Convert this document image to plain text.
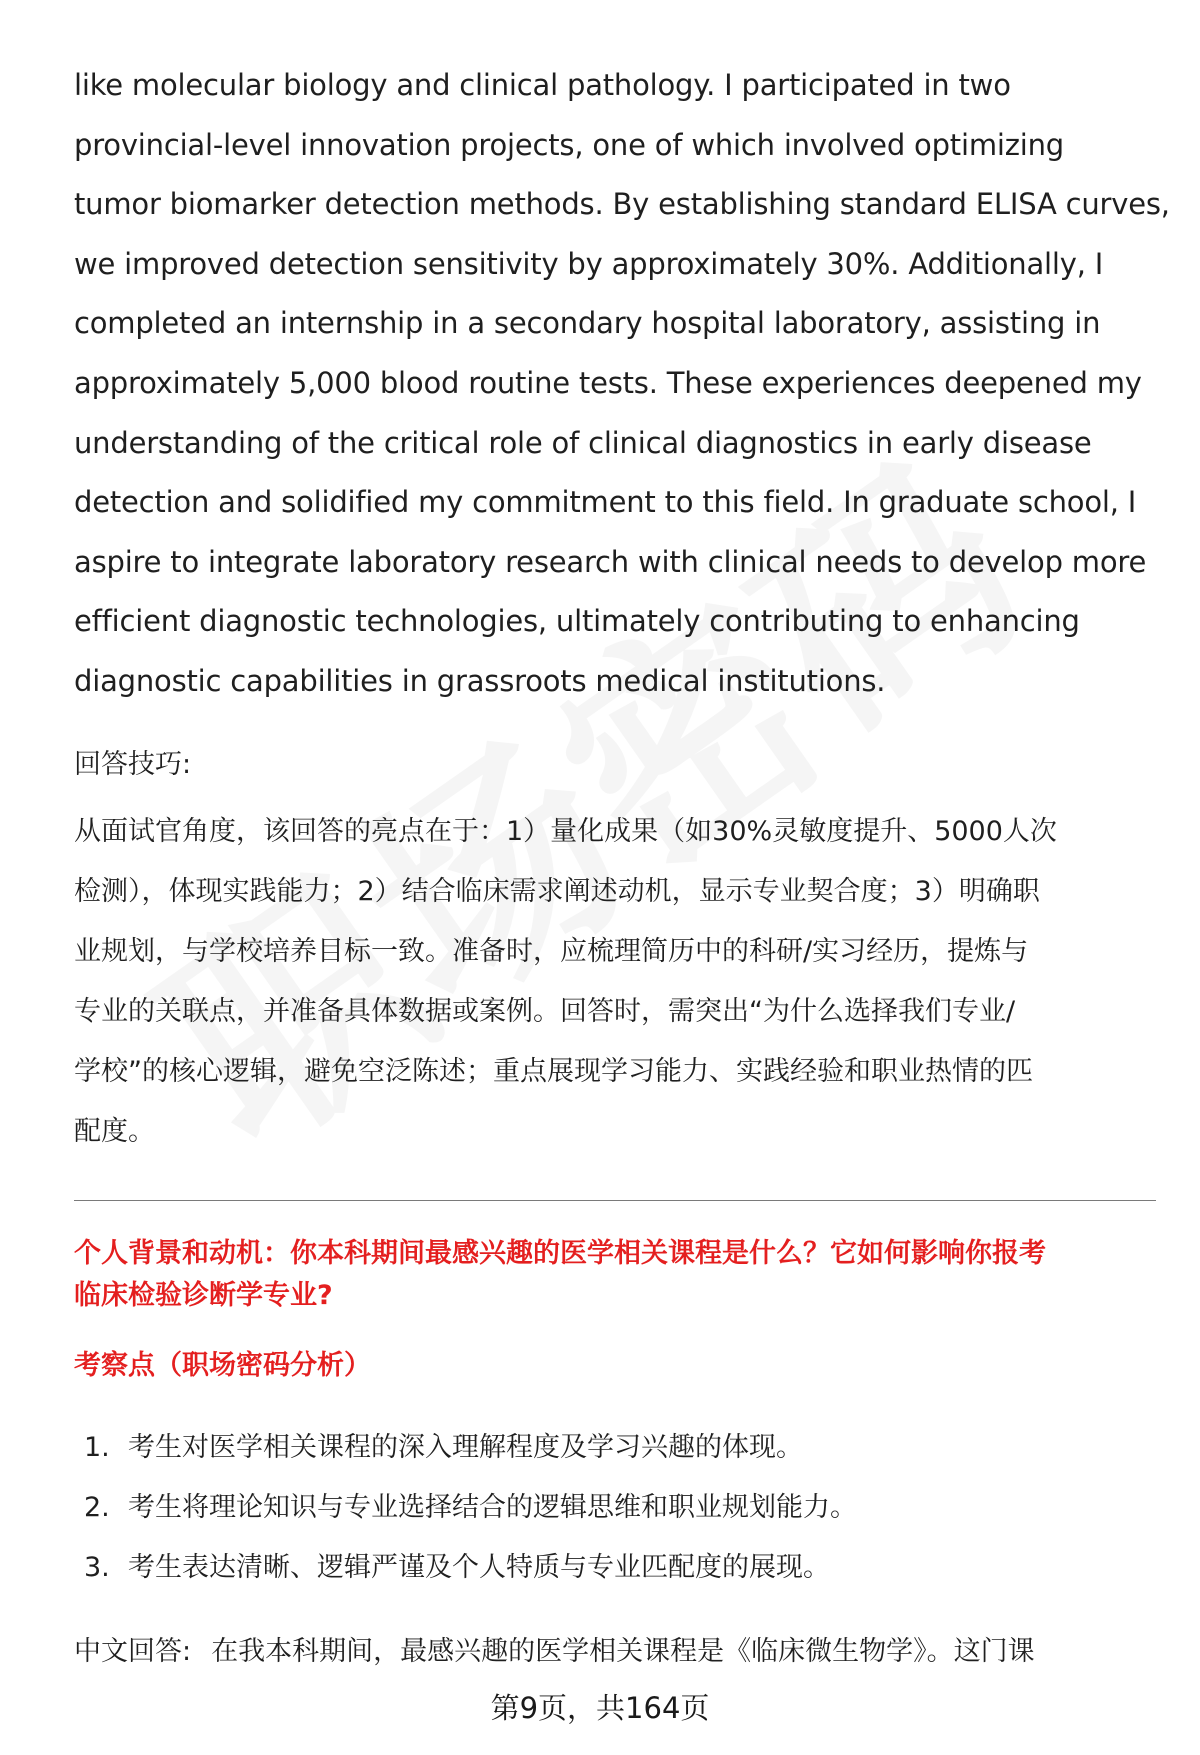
like molecular biology and clinical pathology. I participated in two
provincial-level innovation projects, one of which involved optimizing
tumor biomarker detection methods. By establishing standard ELISA curves,
we improved detection sensitivity by approximately 30%. Additionally, I
completed an internship in a secondary hospital laboratory, assisting in
approximately 5,000 blood routine tests. These experiences deepened my
understanding of the critical role of clinical diagnostics in early disease
detection and solidified my commitment to this field. In graduate school, I
aspire to integrate laboratory research with clinical needs to develop more
efficient diagnostic technologies, ultimately contributing to enhancing
diagnostic capabilities in grassroots medical institutions.
回答技巧:
从面试官角度，该回答的亮点在于：1）量化成果（如30%灵敏度提升、5000人次
检测），体现实践能力；2）结合临床需求阐述动机，显示专业契合度；3）明确职
业规划，与学校培养目标一致。准备时，应梳理简历中的科研/实习经历，提炼与
专业的关联点，并准备具体数据或案例。回答时，需突出“为什么选择我们专业/
学校”的核心逻辑，避免空泛陈述；重点展现学习能力、实践经验和职业热情的匹
配度。
个人背景和动机：你本科期间最感兴趣的医学相关课程是什么？它如何影响你报考
临床检验诊断学专业?
考察点（职场密码分析）
1. 考生对医学相关课程的深入理解程度及学习兴趣的体现。
2. 考生将理论知识与专业选择结合的逻辑思维和职业规划能力。
3. 考生表达清晰、逻辑严谨及个人特质与专业匹配度的展现。
中文回答: 在我本科期间，最感兴趣的医学相关课程是《临床微生物学》。这门课
第9页，共164页
